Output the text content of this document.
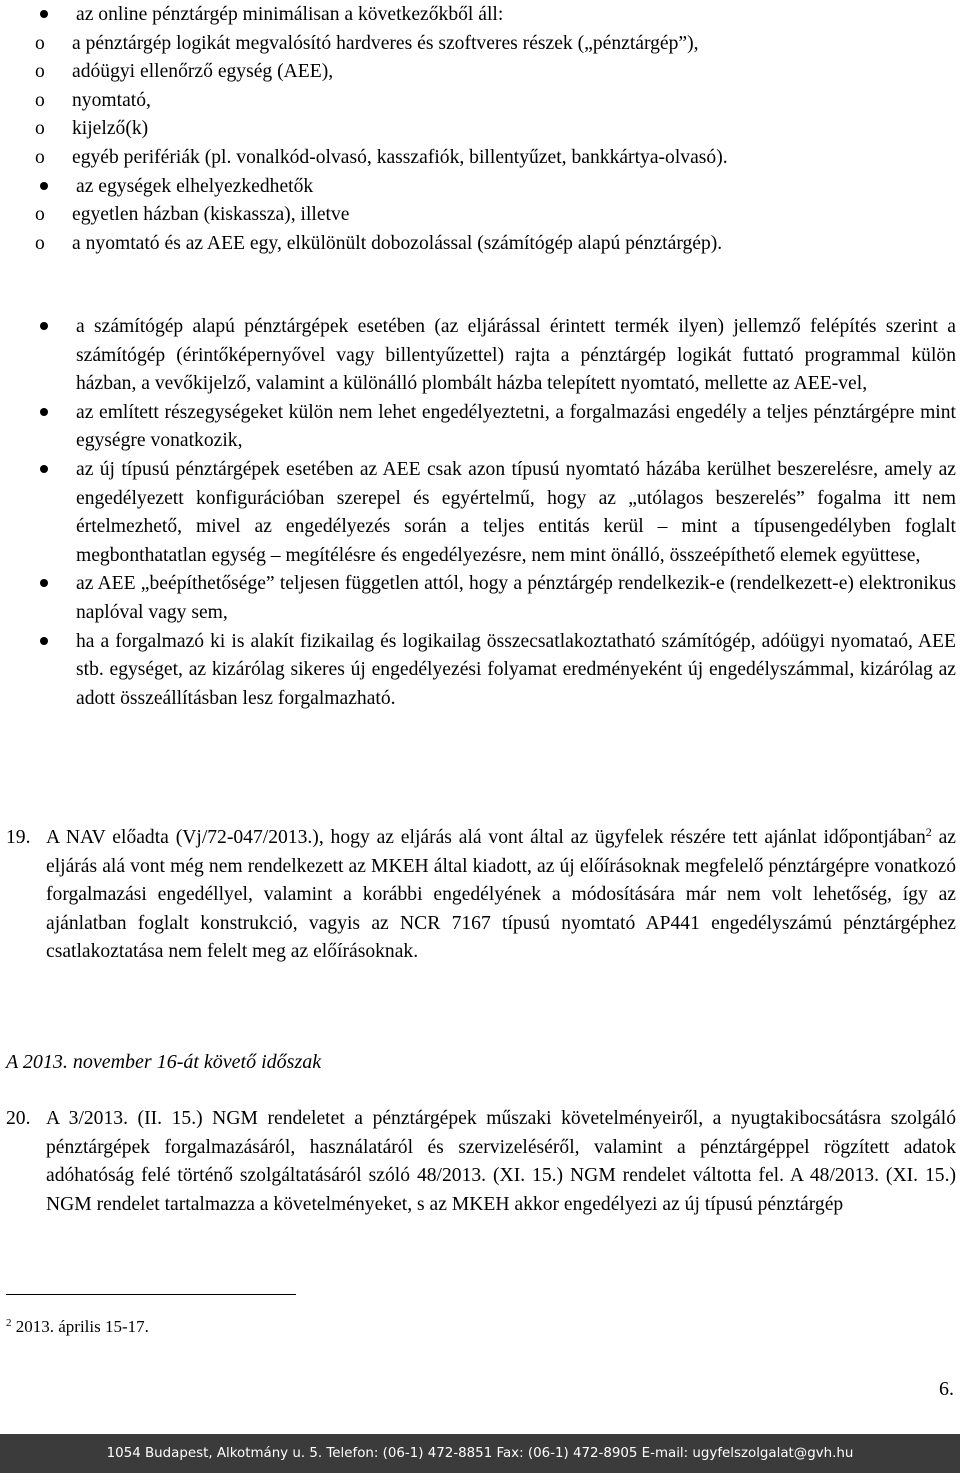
az online pénztárgép minimálisan a következőkből áll:
o a pénztárgép logikát megvalósító hardveres és szoftveres részek („pénztárgép”),
o adóügyi ellenőrző egység (AEE),
o nyomtató,
o kijelző(k)
o egyéb perifériák (pl. vonalkód-olvasó, kasszafiók, billentyűzet, bankkártya-olvasó).
az egységek elhelyezkedhetők
o egyetlen házban (kiskassza), illetve
o a nyomtató és az AEE egy, elkülönült dobozolással (számítógép alapú pénztárgép).
a számítógép alapú pénztárgépek esetében (az eljárással érintett termék ilyen) jellemző felépítés szerint a számítógép (érintőképernyővel vagy billentyűzettel) rajta a pénztárgép logikát futtató programmal külön házban, a vevőkijelző, valamint a különálló plombált házba telepített nyomtató, mellette az AEE-vel,
az említett részegységeket külön nem lehet engedélyeztetni, a forgalmazási engedély a teljes pénztárgépre mint egységre vonatkozik,
az új típusú pénztárgépek esetében az AEE csak azon típusú nyomtató házába kerülhet beszerelésre, amely az engedélyezett konfigurációban szerepel és egyértelmű, hogy az „utólagos beszerelés” fogalma itt nem értelmezhető, mivel az engedélyezés során a teljes entitás kerül – mint a típusengedélyben foglalt megbonthatatlan egység – megítélésre és engedélyezésre, nem mint önálló, összeépíthető elemek együttese,
az AEE „beépíthetősége” teljesen független attól, hogy a pénztárgép rendelkezik-e (rendelkezett-e) elektronikus naplóval vagy sem,
ha a forgalmazó ki is alakít fizikailag és logikailag összecsatlakoztatható számítógép, adóügyi nyomataó, AEE stb. egységet, az kizárólag sikeres új engedélyezési folyamat eredményeként új engedélyszámmal, kizárólag az adott összeállításban lesz forgalmazható.
19. A NAV előadta (Vj/72-047/2013.), hogy az eljárás alá vont által az ügyfelek részére tett ajánlat időpontjában$^2$ az eljárás alá vont még nem rendelkezett az MKEH által kiadott, az új előírásoknak megfelelő pénztárgépre vonatkozó forgalmazási engedéllyel, valamint a korábbi engedélyének a módosítására már nem volt lehetőség, így az ajánlatban foglalt konstrukció, vagyis az NCR 7167 típusú nyomtató AP441 engedélyszámú pénztárgéphez csatlakoztatása nem felelt meg az előírásoknak.
A 2013. november 16-át követő időszak
20. A 3/2013. (II. 15.) NGM rendeletet a pénztárgépek műszaki követelményeiről, a nyugtakibocsátásra szolgáló pénztárgépek forgalmazásáról, használatáról és szervizeléséről, valamint a pénztárgéppel rögzített adatok adóhatóság felé történő szolgáltatásáról szóló 48/2013. (XI. 15.) NGM rendelet váltotta fel. A 48/2013. (XI. 15.) NGM rendelet tartalmazza a követelményeket, s az MKEH akkor engedélyezi az új típusú pénztárgép
$^2$ 2013. április 15-17.
6.
1054 Budapest, Alkotmány u. 5. Telefon: (06-1) 472-8851 Fax: (06-1) 472-8905 E-mail: ugyfelszolgalat@gvh.hu
